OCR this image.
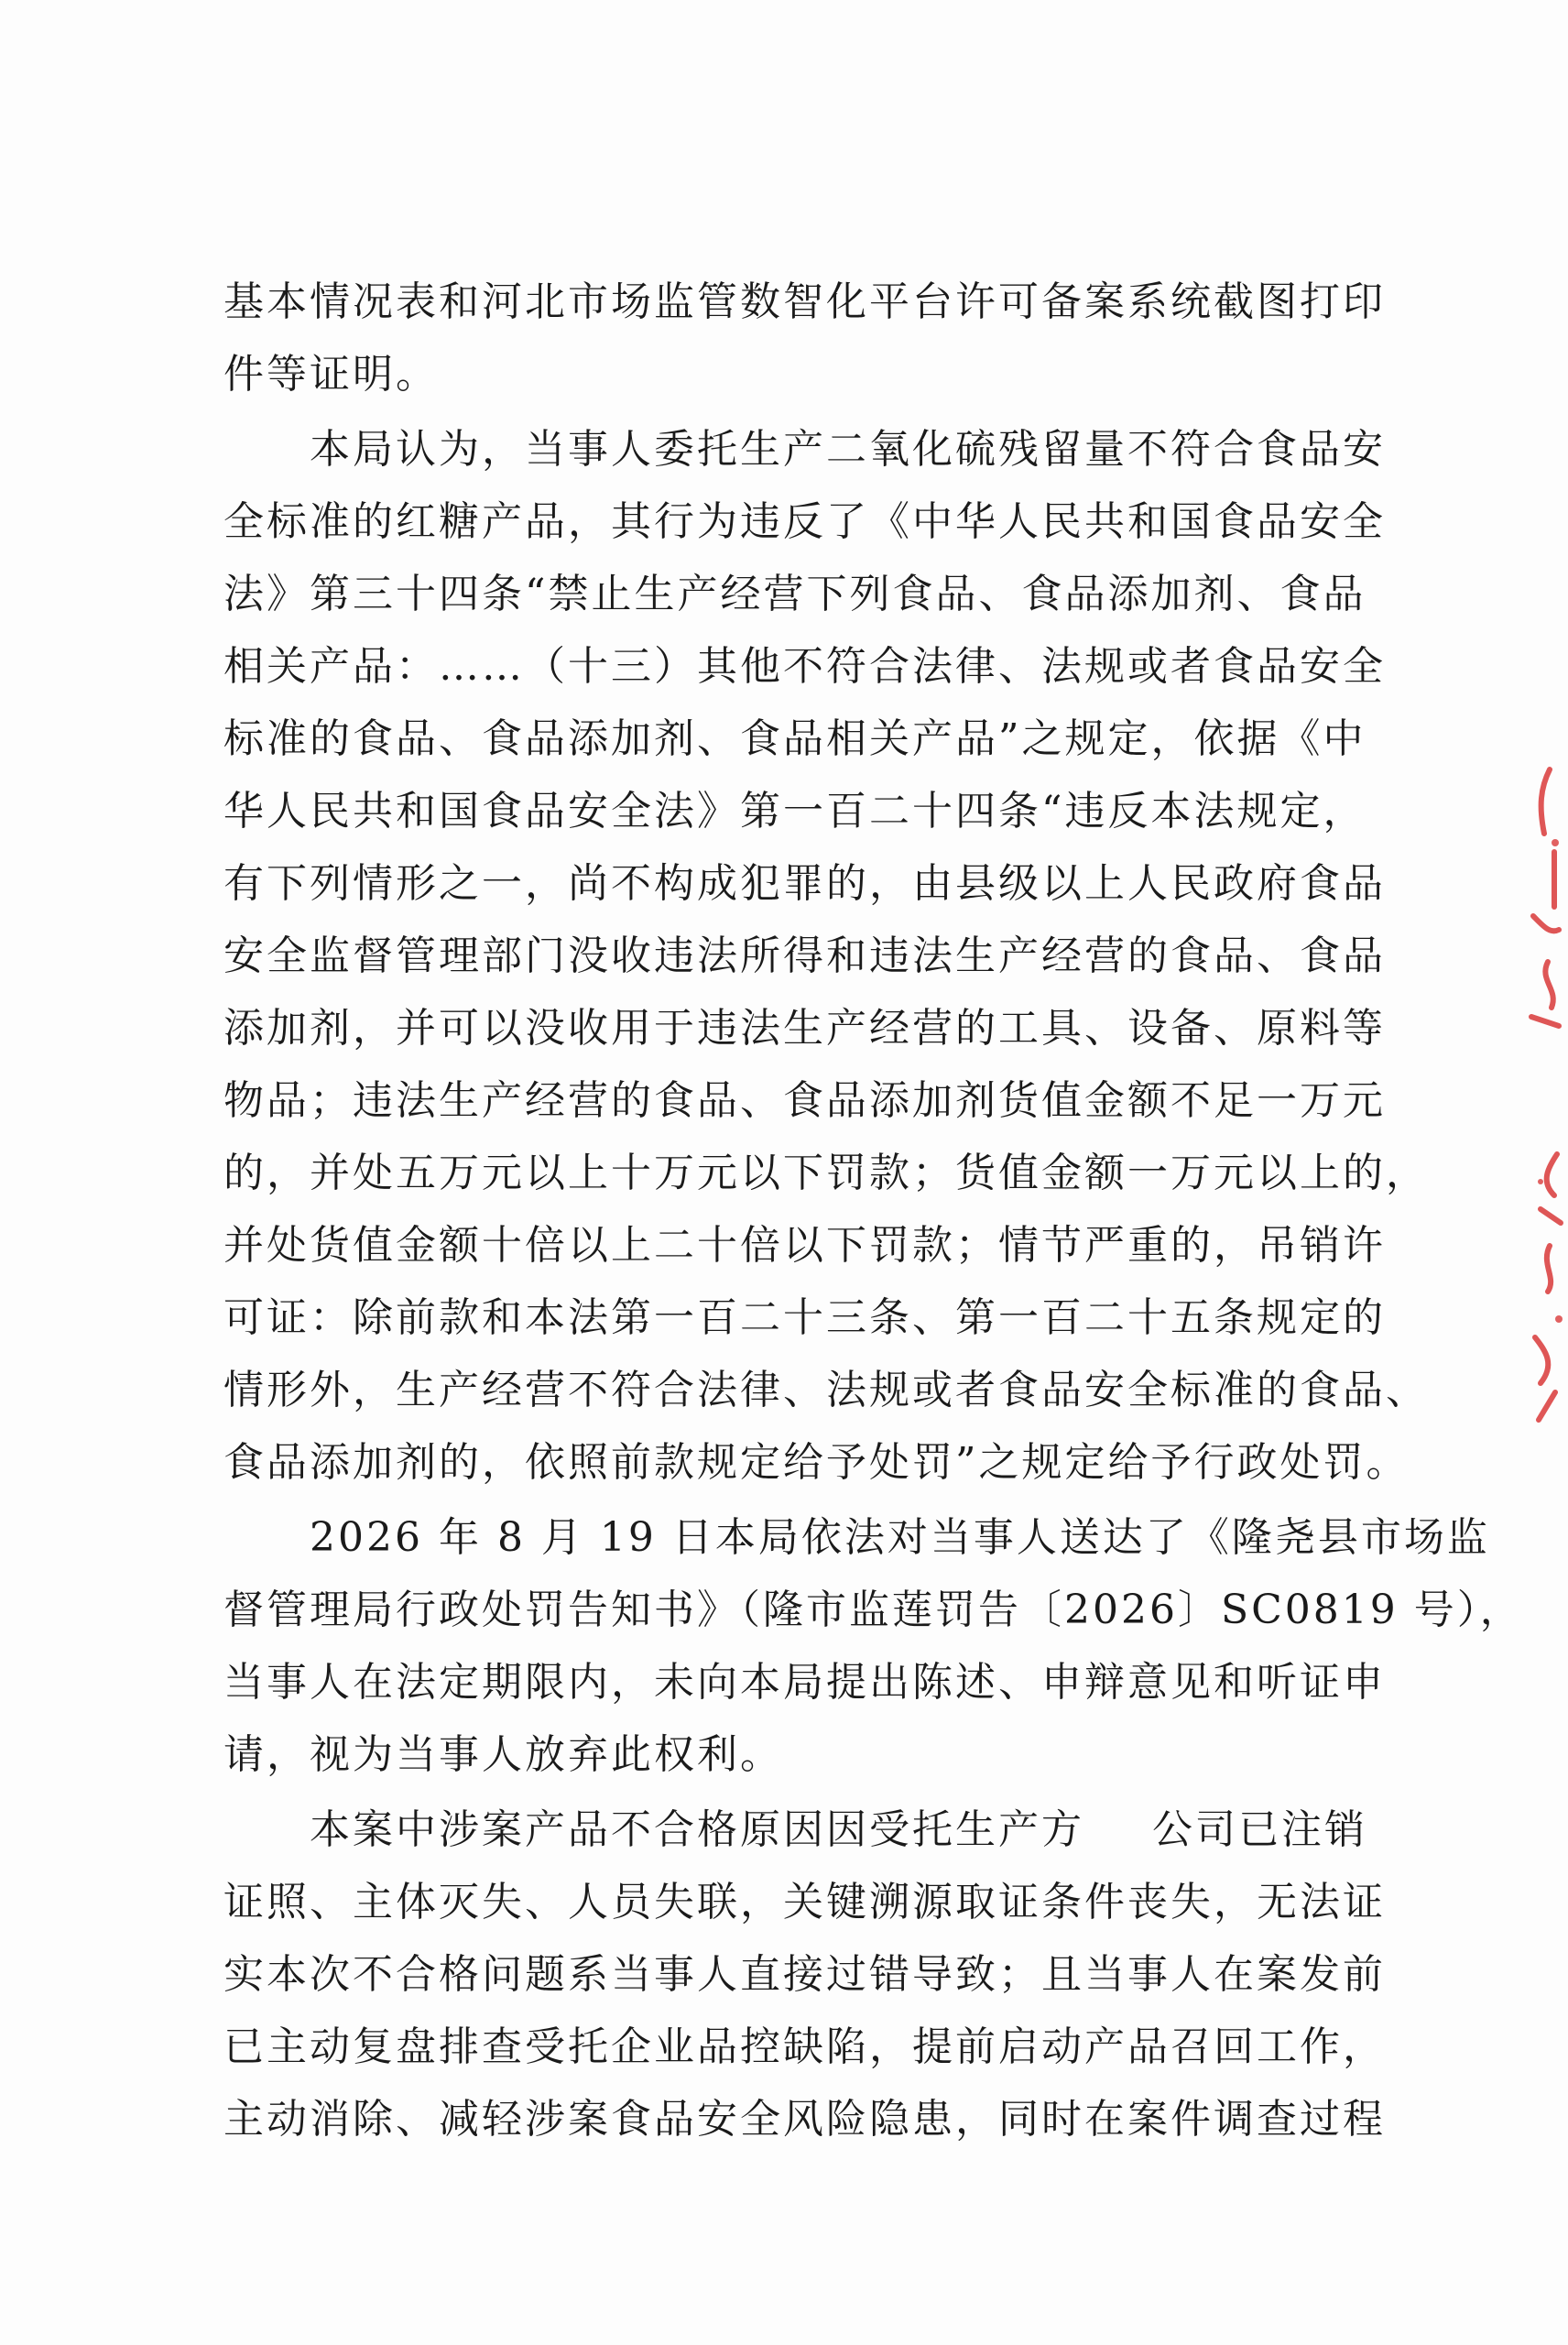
基本情况表和河北市场监管数智化平台许可备案系统截图打印
件等证明。
　　本局认为，当事人委托生产二氧化硫残留量不符合食品安
全标准的红糖产品，其行为违反了《中华人民共和国食品安全
法》第三十四条“禁止生产经营下列食品、食品添加剂、食品
相关产品：……（十三）其他不符合法律、法规或者食品安全
标准的食品、食品添加剂、食品相关产品”之规定，依据《中
华人民共和国食品安全法》第一百二十四条“违反本法规定，
有下列情形之一，尚不构成犯罪的，由县级以上人民政府食品
安全监督管理部门没收违法所得和违法生产经营的食品、食品
添加剂，并可以没收用于违法生产经营的工具、设备、原料等
物品；违法生产经营的食品、食品添加剂货值金额不足一万元
的，并处五万元以上十万元以下罚款；货值金额一万元以上的，
并处货值金额十倍以上二十倍以下罚款；情节严重的，吊销许
可证：除前款和本法第一百二十三条、第一百二十五条规定的
情形外，生产经营不符合法律、法规或者食品安全标准的食品、
食品添加剂的，依照前款规定给予处罚”之规定给予行政处罚。
　　2026 年 8 月 19 日本局依法对当事人送达了《隆尧县市场监
督管理局行政处罚告知书》（隆市监莲罚告〔2026〕SC0819 号），
当事人在法定期限内，未向本局提出陈述、申辩意见和听证申
请，视为当事人放弃此权利。
　　本案中涉案产品不合格原因因受托生产方 公司已注销
证照、主体灭失、人员失联，关键溯源取证条件丧失，无法证
实本次不合格问题系当事人直接过错导致；且当事人在案发前
已主动复盘排查受托企业品控缺陷，提前启动产品召回工作，
主动消除、减轻涉案食品安全风险隐患，同时在案件调查过程
